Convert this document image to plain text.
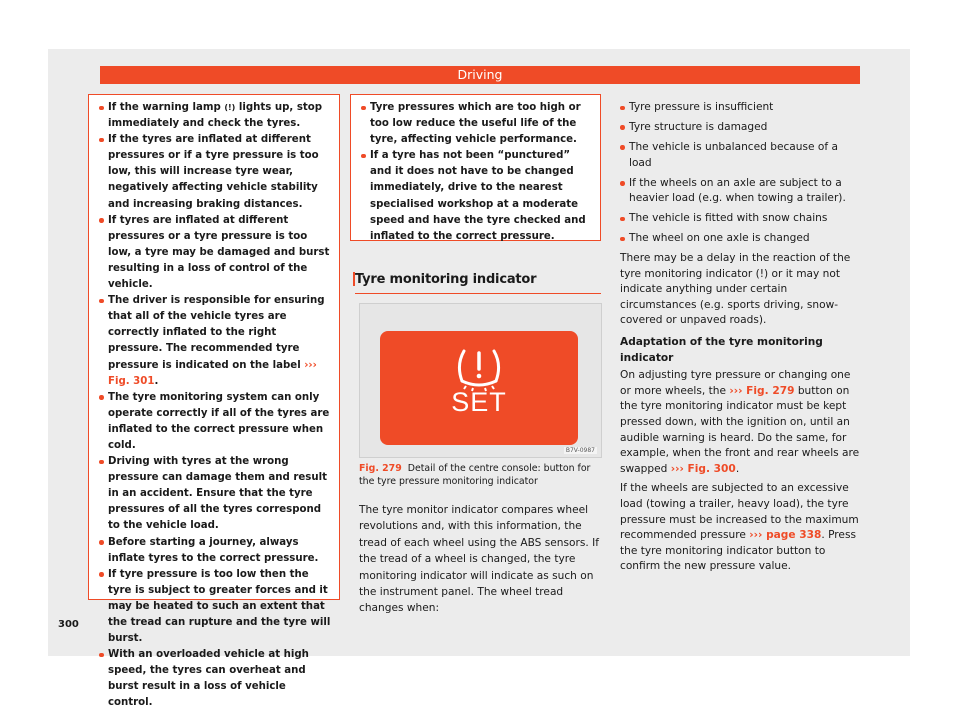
Driving
If the warning lamp (!) lights up, stop immediately and check the tyres.
If the tyres are inflated at different pressures or if a tyre pressure is too low, this will increase tyre wear, negatively affecting vehicle stability and increasing braking distances.
If tyres are inflated at different pressures or a tyre pressure is too low, a tyre may be damaged and burst resulting in a loss of control of the vehicle.
The driver is responsible for ensuring that all of the vehicle tyres are correctly inflated to the right pressure. The recommended tyre pressure is indicated on the label ››› Fig. 301.
The tyre monitoring system can only operate correctly if all of the tyres are inflated to the correct pressure when cold.
Driving with tyres at the wrong pressure can damage them and result in an accident. Ensure that the tyre pressures of all the tyres correspond to the vehicle load.
Before starting a journey, always inflate tyres to the correct pressure.
If tyre pressure is too low then the tyre is subject to greater forces and it may be heated to such an extent that the tread can rupture and the tyre will burst.
With an overloaded vehicle at high speed, the tyres can overheat and burst result in a loss of vehicle control.
Tyre pressures which are too high or too low reduce the useful life of the tyre, affecting vehicle performance.
If a tyre has not been “punctured” and it does not have to be changed immediately, drive to the nearest specialised workshop at a moderate speed and have the tyre checked and inflated to the correct pressure.
Tyre monitoring indicator
SET
B7V-0987
Fig. 279 Detail of the centre console: button for the tyre pressure monitoring indicator

The tyre monitor indicator compares wheel revolutions and, with this information, the tread of each wheel using the ABS sensors. If the tread of a wheel is changed, the tyre monitoring indicator will indicate as such on the instrument panel. The wheel tread changes when:

Tyre pressure is insufficient
Tyre structure is damaged
The vehicle is unbalanced because of a load
If the wheels on an axle are subject to a heavier load (e.g. when towing a trailer).
The vehicle is fitted with snow chains
The wheel on one axle is changed

There may be a delay in the reaction of the tyre monitoring indicator (!) or it may not indicate anything under certain circumstances (e.g. sports driving, snow-covered or unpaved roads).

Adaptation of the tyre monitoring indicator

On adjusting tyre pressure or changing one or more wheels, the ››› Fig. 279 button on the tyre monitoring indicator must be kept pressed down, with the ignition on, until an audible warning is heard. Do the same, for example, when the front and rear wheels are swapped ››› Fig. 300.

If the wheels are subjected to an excessive load (towing a trailer, heavy load), the tyre pressure must be increased to the maximum recommended pressure ››› page 338. Press the tyre monitoring indicator button to confirm the new pressure value.

300
